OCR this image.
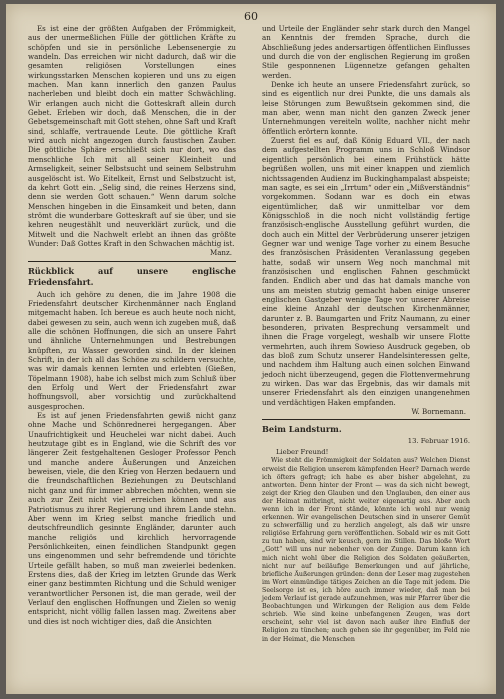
60

Es ist eine der größten Aufgaben der Frömmigkeit, aus der unermeßlichen Fülle der göttlichen Kräfte zu schöpfen und sie in persönliche Lebensenergie zu wandeln. Das erreichen wir nicht dadurch, daß wir die gesamten religiösen Vorstellungen eines wirkungsstarken Menschen kopieren und uns zu eigen machen. Man kann innerlich den ganzen Paulus nacherleben und bleibt doch ein matter Schwächling. Wir erlangen auch nicht die Gotteskraft allein durch Gebet. Erleben wir doch, daß Menschen, die in der Gebetsgemeinschaft mit Gott stehen, ohne Saft und Kraft sind, schlaffe, vertrauende Leute. Die göttliche Kraft wird auch nicht angezogen durch faustischen Zauber. Die göttliche Sphäre erschließt sich nur dort, wo das menschliche Ich mit all seiner Kleinheit und Armseligkeit, seiner Selbstsucht und seinem Selbstruhm ausgelöscht ist. Wo Eitelkeit, Ernst und Selbstzucht ist, da kehrt Gott ein. „Selig sind, die reines Herzens sind, denn sie werden Gott schauen.“ Wenn darum solche Menschen hingeben in die Einsamkeit und beten, dann strömt die wunderbare Gotteskraft auf sie über, und sie kehren neugestählt und neuverklärt zurück, und die Mitwelt und die Nachwelt erlebt an ihnen das größte Wunder: Daß Gottes Kraft in den Schwachen mächtig ist.

Manz.
Rückblick auf unsere englische Friedensfahrt.

Auch ich gehöre zu denen, die im Jahre 1908 die Friedensfahrt deutscher Kirchenmänner nach England mitgemacht haben. Ich bereue es auch heute noch nicht, dabei gewesen zu sein, auch wenn ich zugeben muß, daß alle die schönen Hoffnungen, die sich an unsere Fahrt und ähnliche Unternehmungen und Bestrebungen knüpften, zu Wasser geworden sind. In der kleinen Schrift, in der ich all das Schöne zu schildern versuchte, was wir damals kennen lernten und erlebten (Gießen, Töpelmann 1908), habe ich selbst mich zum Schluß über den Erfolg und Wert der Friedensfahrt zwar hoffnungsvoll, aber vorsichtig und zurückhaltend ausgesprochen.

Es ist auf jenen Friedensfahrten gewiß nicht ganz ohne Mache und Schönrednerei hergegangen. Aber Unaufrichtigkeit und Heuchelei war nicht dabei. Auch heutzutage gibt es in England, wie die Schrift des vor längerer Zeit festgehaltenen Gesloger Professor Pench und manche andere Äußerungen und Anzeichen beweisen, viele, die den Krieg von Herzen bedauern und die freundschaftlichen Beziehungen zu Deutschland nicht ganz und für immer abbrechen möchten, wenn sie auch zur Zeit nicht viel erreichen können und aus Patriotismus zu ihrer Regierung und ihrem Lande stehn. Aber wenn im Krieg selbst manche friedlich und deutschfreundlich gesinnte Engländer, darunter auch manche religiös und kirchlich hervorragende Persönlichkeiten, einen feindlichen Standpunkt gegen uns eingenommen und sehr befremdende und törichte Urteile gefällt haben, so muß man zweierlei bedenken. Erstens dies, daß der Krieg im letzten Grunde das Werk einer ganz bestimmten Richtung und die Schuld weniger verantwortlicher Personen ist, die man gerade, weil der Verlauf den englischen Hoffnungen und Zielen so wenig entspricht, nicht völlig fallen lassen mag. Zweitens aber und dies ist noch wichtiger dies, daß die Ansichten

und Urteile der Engländer sehr stark durch den Mangel an Kenntnis der fremden Sprache, durch die Abschließung jedes andersartigen öffentlichen Einflusses und durch die von der englischen Regierung im großen Stile gesponnenen Lügennetze gefangen gehalten werden.

Denke ich heute an unsere Friedensfahrt zurück, so sind es eigentlich nur drei Punkte, die uns damals als leise Störungen zum Bewußtsein gekommen sind, die man aber, wenn man nicht den ganzen Zweck jener Unternehmungen vereiteln wollte, nachher nicht mehr öffentlich erörtern konnte.

Zuerst fiel es auf, daß König Eduard VII., der nach dem aufgestellten Programm uns in Schloß Windsor eigentlich persönlich bei einem Frühstück hätte begrüßen wollen, uns mit einer knappen und ziemlich nichtssagenden Audienz im Buckinghampalast abspeiste; man sagte, es sei ein „Irrtum“ oder ein „Mißverständnis“ vorgekommen. Sodann war es doch ein etwas eigentümlicher, daß wir unmittelbar vor dem Königsschloß in die noch nicht vollständig fertige französisch-englische Ausstellung geführt wurden, die doch auch ein Mittel der Verbrüderung unserer jetzigen Gegner war und wenige Tage vorher zu einem Besuche des französischen Präsidenten Veranlassung gegeben hatte, sodaß wir unsern Weg noch manchmal mit französischen und englischen Fahnen geschmückt fanden. Endlich aber und das hat damals manche von uns am meisten stutzig gemacht haben einige unserer englischen Gastgeber wenige Tage vor unserer Abreise eine kleine Anzahl der deutschen Kirchenmänner, darunter z. B. Baumgarten und Fritz Naumann, zu einer besonderen, privaten Besprechung versammelt und ihnen die Frage vorgelegt, weshalb wir unsere Flotte vermehrten, auch ihrem Sowieso Ausdruck gegeben, ob das bloß zum Schutz unserer Handelsinteressen gelte, und nachdem ihm Haltung auch einen solchen Einwand jedoch nicht überzeugend, gegen die Flottenvermehrung zu wirken. Das war das Ergebnis, das wir damals mit unserer Friedensfahrt als den einzigen unangenehmen und verdächtigen Haken empfanden.

W. Bornemann.
Beim Landsturm.
13. Februar 1916.
Lieber Freund!

Wie steht die Frömmigkeit der Soldaten aus? Welchen Dienst erweist die Religion unserem kämpfenden Heer? Darnach werde ich öfters gefragt; ich habe es aber bisher abgelehnt, zu antworten. Denn hinter der Front — was da sich nicht bewegt, zeigt der Krieg den Glauben und den Unglauben, den einer aus der Heimat mitbringt, nicht weiter eigenartig aus. Aber auch wenn ich in der Front stände, könnte ich wohl nur wenig erkennen. Wir evangelischen Deutschen sind in unserer Gemüt zu schwerfällig und zu herzlich angelegt, als daß wir unsre religiöse Erfahrung gern veröffentlichen. Sobald wir es mit Gott zu tun haben, sind wir keusch, gern im Stillen. Das bloße Wort „Gott“ will uns nur nebenher von der Zunge. Darum kann ich mich nicht wohl über die Religion des Soldaten geäußerten, nicht nur auf beiläufige Bemerkungen und auf jährliche, briefliche Äußerungen gründen: denn der Leser mag zugestehen im Wort einmündige tätiges Zeichen an die Tage mit jedem. Die Seelsorge ist es, ich höre auch immer wieder, daß man bei jedem Verlauf ist gerade aufzunehmen, was mir Pfarrer über die Beobachtungen und Wirkungen der Religion aus dem Felde schrieb. Wie sind keine unbefangenen Zeugen, was dort erscheint, sehr viel ist davon nach außer ihre Einfluß der Religion zu tünchen; auch gehen sie ihr gegenüber, im Feld nie in der Heimat, die Menschen
